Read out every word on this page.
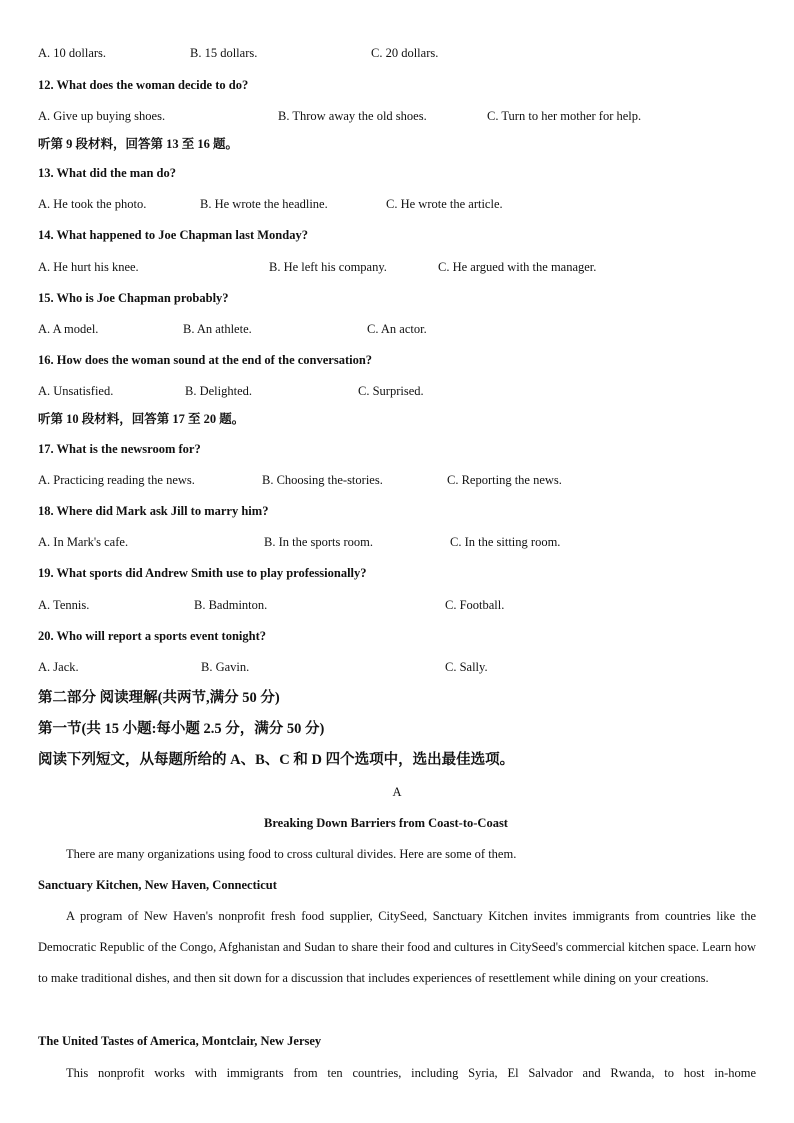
A. 10 dollars.	B. 15 dollars.	C. 20 dollars.
12. What does the woman decide to do?
A. Give up buying shoes.	B. Throw away the old shoes.	C. Turn to her mother for help.
听第 9 段材料，回答第 13 至 16 题。
13. What did the man do?
A. He took the photo.	B. He wrote the headline.	C. He wrote the article.
14. What happened to Joe Chapman last Monday?
A. He hurt his knee.	B. He left his company.	C. He argued with the manager.
15. Who is Joe Chapman probably?
A. A model.	B. An athlete.	C. An actor.
16. How does the woman sound at the end of the conversation?
A. Unsatisfied.	B. Delighted.	C. Surprised.
听第 10 段材料，回答第 17 至 20 题。
17. What is the newsroom for?
A. Practicing reading the news.	B. Choosing the-stories.	C. Reporting the news.
18. Where did Mark ask Jill to marry him?
A. In Mark's cafe.	B. In the sports room.	C. In the sitting room.
19. What sports did Andrew Smith use to play professionally?
A. Tennis.	B. Badminton.	C. Football.
20. Who will report a sports event tonight?
A. Jack.	B. Gavin.	C. Sally.
第二部分 阅读理解(共两节,满分 50 分)
第一节(共 15 小题:每小题 2.5 分，满分 50 分)
阅读下列短文，从每题所给的 A、B、C 和 D 四个选项中，选出最佳选项。
A
Breaking Down Barriers from Coast-to-Coast
There are many organizations using food to cross cultural divides. Here are some of them.
Sanctuary Kitchen, New Haven, Connecticut
A program of New Haven's nonprofit fresh food supplier, CitySeed, Sanctuary Kitchen invites immigrants from countries like the Democratic Republic of the Congo, Afghanistan and Sudan to share their food and cultures in CitySeed's commercial kitchen space. Learn how to make traditional dishes, and then sit down for a discussion that includes experiences of resettlement while dining on your creations.
The United Tastes of America, Montclair, New Jersey
This nonprofit works with immigrants from ten countries, including Syria, El Salvador and Rwanda, to host in-home
